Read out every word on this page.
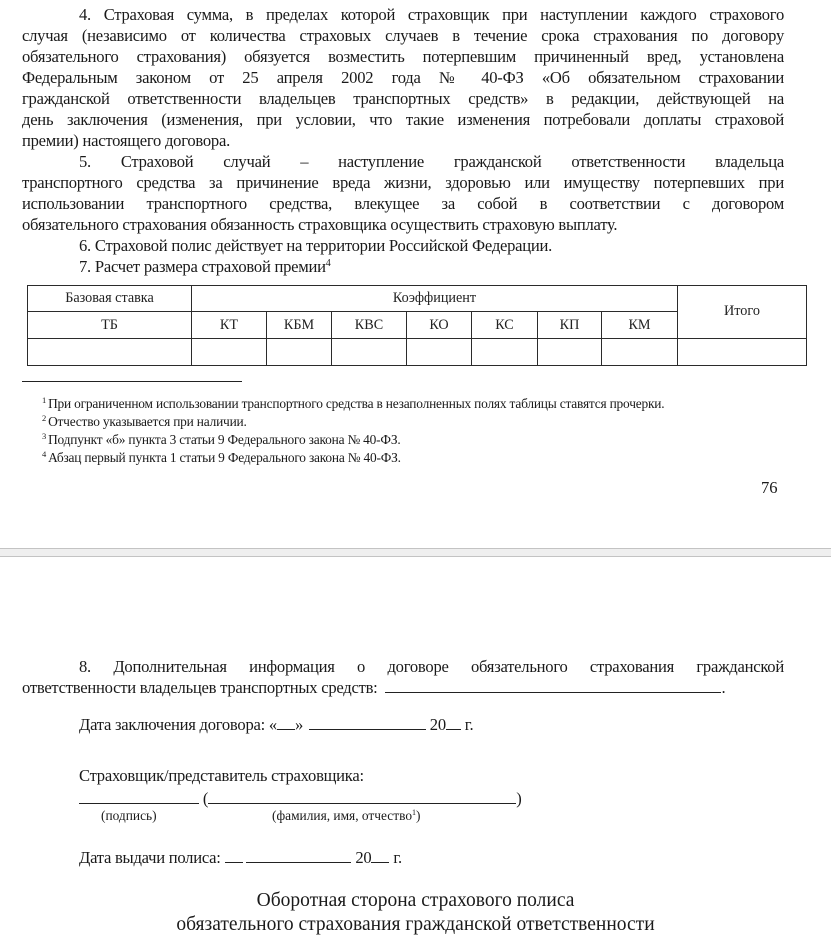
4. Страховая сумма, в пределах которой страховщик при наступлении каждого страхового
случая (независимо от количества страховых случаев в течение срока страхования по договору
обязательного страхования) обязуется возместить потерпевшим причиненный вред, установлена
Федеральным законом от 25 апреля 2002 года № 40-ФЗ «Об обязательном страховании
гражданской ответственности владельцев транспортных средств» в редакции, действующей на
день заключения (изменения, при условии, что такие изменения потребовали доплаты страховой
премии) настоящего договора.
5. Страховой случай – наступление гражданской ответственности владельца
транспортного средства за причинение вреда жизни, здоровью или имуществу потерпевших при
использовании транспортного средства, влекущее за собой в соответствии с договором
обязательного страхования обязанность страховщика осуществить страховую выплату.
6. Страховой полис действует на территории Российской Федерации.
7. Расчет размера страховой премии$^4$
Базовая ставка	Коэффициент							Итого
ТБ	КТ	КБМ	КВС	КО	КС	КП	КМ	

$^1$ При ограниченном использовании транспортного средства в незаполненных полях таблицы ставятся прочерки.
$^2$ Отчество указывается при наличии.
$^3$ Подпункт «б» пункта 3 статьи 9 Федерального закона № 40-ФЗ.
$^4$ Абзац первый пункта 1 статьи 9 Федерального закона № 40-ФЗ.
76
8. Дополнительная информация о договоре обязательного страхования гражданской
ответственности владельцев транспортных средств:	.
Дата заключения договора: « »	20 г.
Страховщик/представитель страховщика:
(	)
(подпись)	(фамилия, имя, отчество$^1$)
Дата выдачи полиса:	20 г.
Оборотная сторона страхового полиса
обязательного страхования гражданской ответственности
